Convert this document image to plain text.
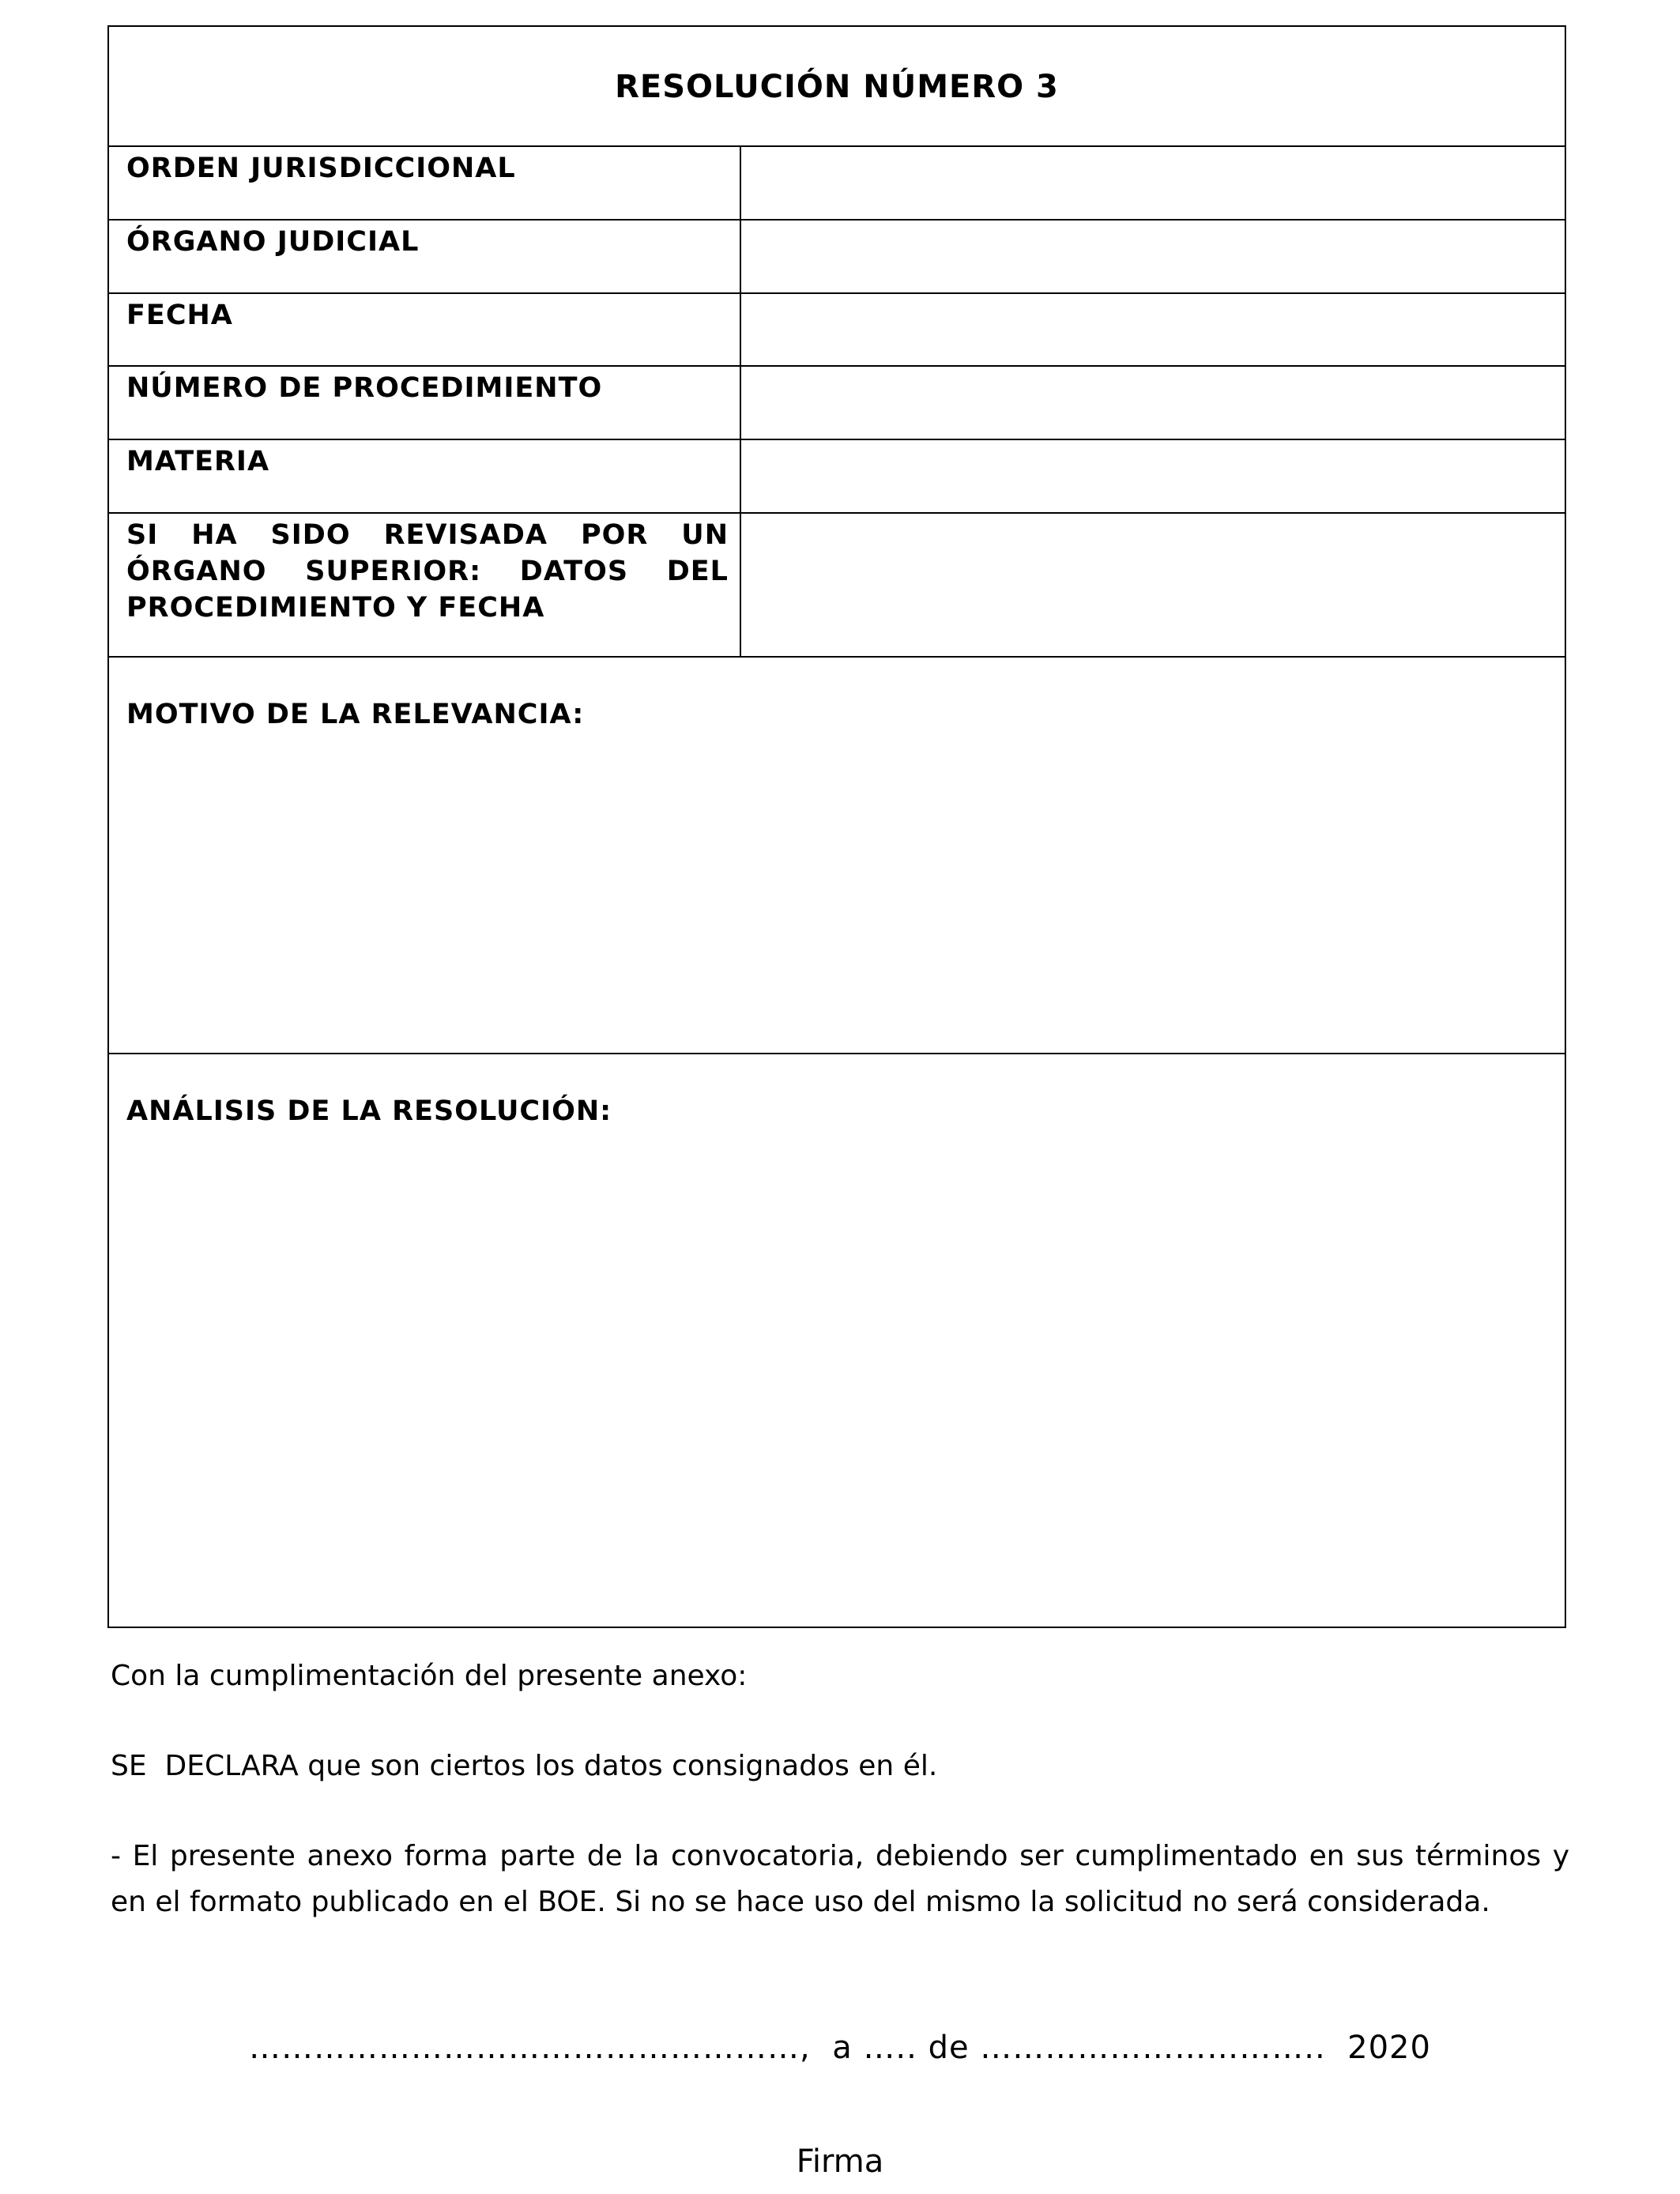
RESOLUCIÓN NÚMERO 3
ORDEN JURISDICCIONAL
ÓRGANO JUDICIAL
FECHA
NÚMERO DE PROCEDIMIENTO
MATERIA
SI HA SIDO REVISADA POR UN ÓRGANO SUPERIOR: DATOS DEL PROCEDIMIENTO Y FECHA
MOTIVO DE LA RELEVANCIA:
ANÁLISIS DE LA RESOLUCIÓN:
Con la cumplimentación del presente anexo:
SE  DECLARA que son ciertos los datos consignados en él.
- El presente anexo forma parte de la convocatoria, debiendo ser cumplimentado en sus términos y en el formato publicado en el BOE. Si no se hace uso del mismo la solicitud no será considerada.
……………………………………………,  a ….. de …………………………..  2020
Firma
